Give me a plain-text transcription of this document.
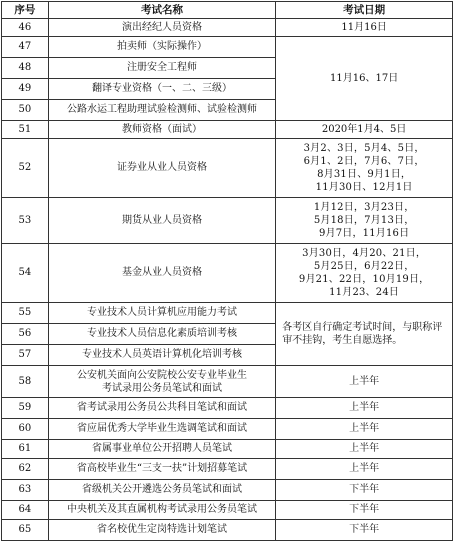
序号	考试名称	考试日期
46	演出经纪人员资格	11月16日
47	拍卖师（实际操作）	11月16、17日
48	注册安全工程师	
49	翻译专业资格（一、二、三级）	
50	公路水运工程助理试验检测师、试验检测师	
51	教师资格（面试）	2020年1月4、5日
52	证券业从业人员资格	3月2、3日，5月4、5日，
6月1、2日，7月6、7日，
8月31日、9月1日，
11月30日、12月1日

53	期货从业人员资格	1月12日，3月23日，
5月18日，7月13日，
9月7日，11月16日

54	基金从业人员资格	3月30日，4月20、21日，
5月25日，6月22日，
9月21、22日，10月19日，
11月23、24日

55	专业技术人员计算机应用能力考试	各考区自行确定考试时间，与职称评审不挂钩，考生自愿选择。
56	专业技术人员信息化素质培训考核	
57	专业技术人员英语计算机化培训考核	
58	公安机关面向公安院校公安专业毕业生
考试录用公务员笔试和面试	上半年
59	省考试录用公务员公共科目笔试和面试	上半年
60	省应届优秀大学毕业生选调笔试和面试	上半年
61	省属事业单位公开招聘人员笔试	上半年
62	省高校毕业生“三支一扶”计划招募笔试	上半年
63	省级机关公开遴选公务员笔试和面试	下半年
64	中央机关及其直属机构考试录用公务员笔试	下半年
65	省名校优生定岗特选计划笔试	下半年
